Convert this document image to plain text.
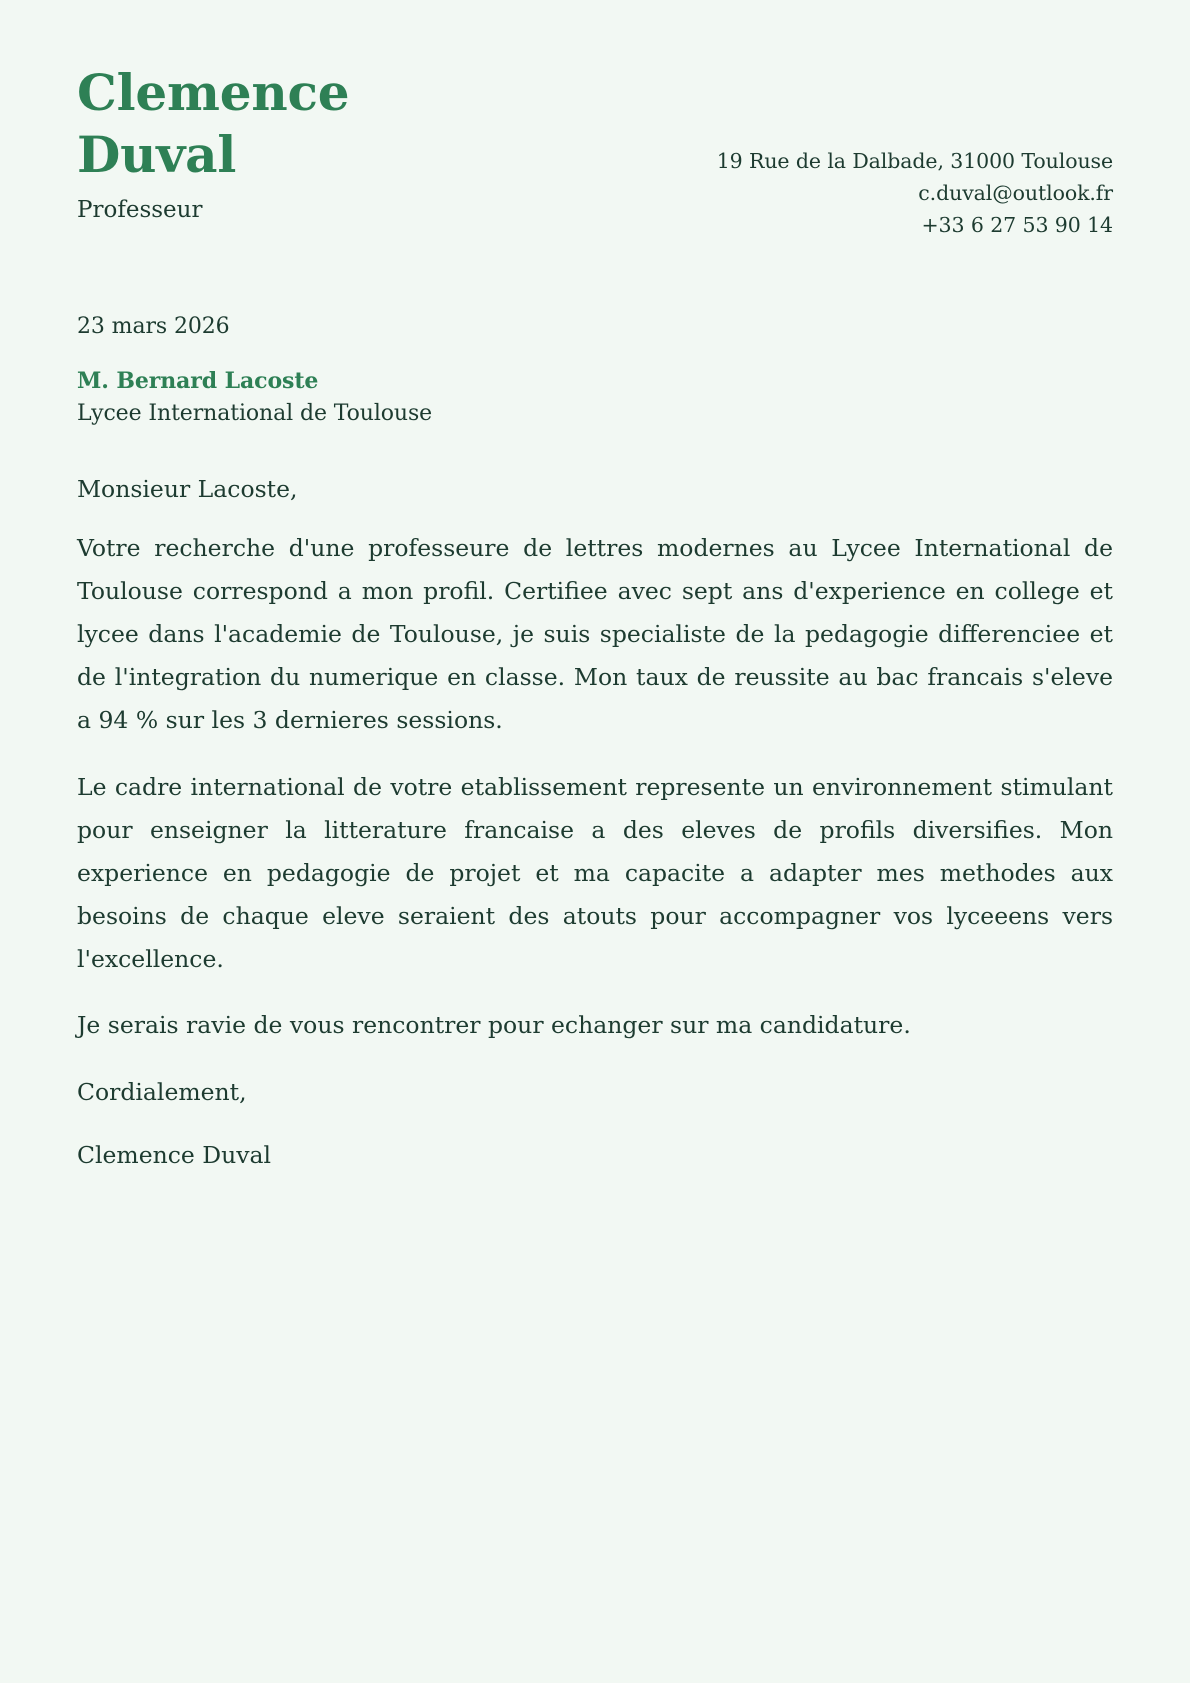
Clemence Duval

Professeur

19 Rue de la Dalbade, 31000 Toulouse
c.duval@outlook.fr
+33 6 27 53 90 14
23 mars 2026
M. Bernard Lacoste
Lycee International de Toulouse
Monsieur Lacoste,

Votre recherche d'une professeure de lettres modernes au Lycee International de Toulouse correspond a mon profil. Certifiee avec sept ans d'experience en college et lycee dans l'academie de Toulouse, je suis specialiste de la pedagogie differenciee et de l'integration du numerique en classe. Mon taux de reussite au bac francais s'eleve a 94 % sur les 3 dernieres sessions.

Le cadre international de votre etablissement represente un environnement stimulant pour enseigner la litterature francaise a des eleves de profils diversifies. Mon experience en pedagogie de projet et ma capacite a adapter mes methodes aux besoins de chaque eleve seraient des atouts pour accompagner vos lyceeens vers l'excellence.

Je serais ravie de vous rencontrer pour echanger sur ma candidature.

Cordialement,
Clemence Duval
